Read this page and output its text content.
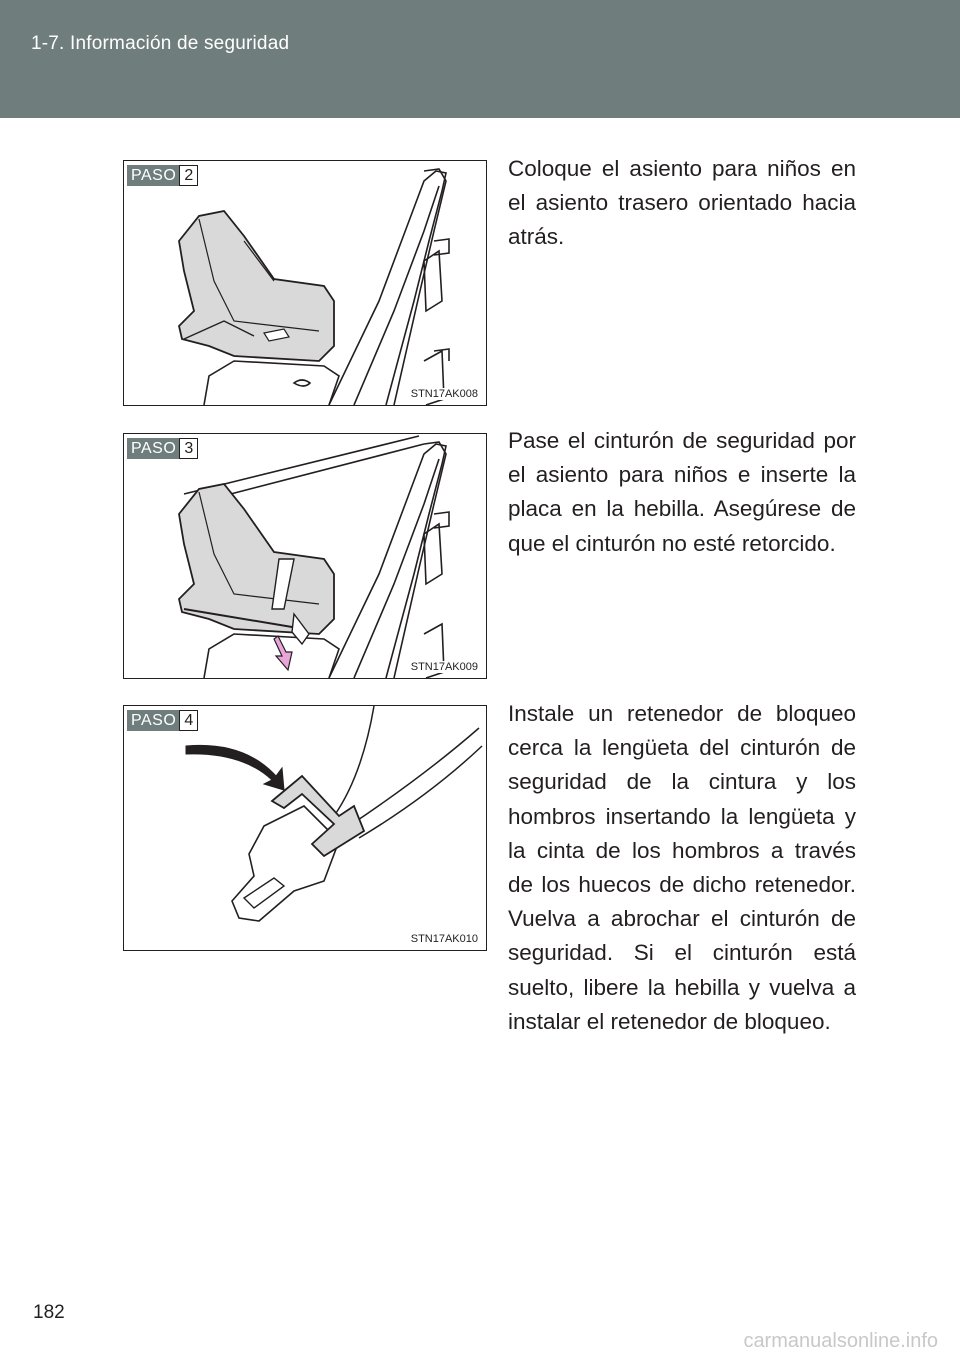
1-7. Información de seguridad
PASO 2
STN17AK008
Coloque el asiento para niños en el asiento trasero orientado hacia atrás.
PASO 3
STN17AK009
Pase el cinturón de seguridad por el asiento para niños e inserte la placa en la hebilla. Asegúrese de que el cinturón no esté retorcido.
PASO 4
STN17AK010
Instale un retenedor de bloqueo cerca la lengüeta del cinturón de seguridad de la cintura y los hombros insertando la lengüeta y la cinta de los hombros a través de los huecos de dicho retenedor. Vuelva a abrochar el cinturón de seguridad. Si el cinturón está suelto, libere la hebilla y vuelva a instalar el retenedor de bloqueo.
182
carmanualsonline.info
